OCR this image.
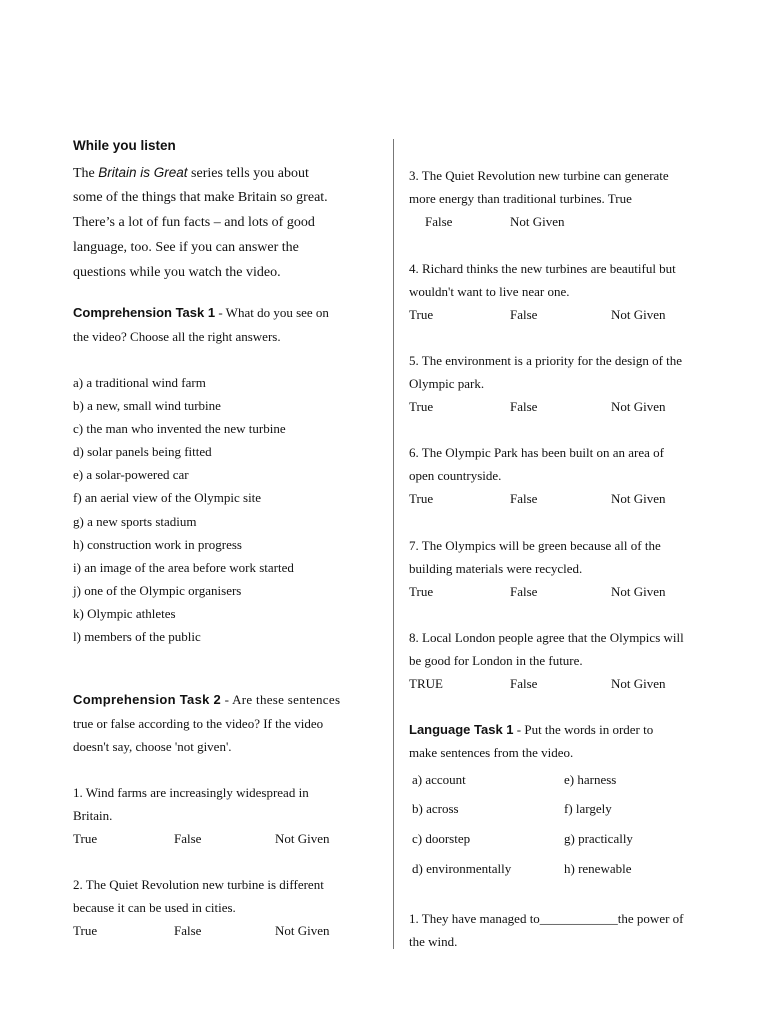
While you listen
The Britain is Great series tells you about
some of the things that make Britain so great.
There’s a lot of fun facts – and lots of good
language, too. See if you can answer the
questions while you watch the video.
Comprehension Task 1 - What do you see on
the video? Choose all the right answers.
a) a traditional wind farm
b) a new, small wind turbine
c) the man who invented the new turbine
d) solar panels being fitted
e) a solar-powered car
f) an aerial view of the Olympic site
g) a new sports stadium
h) construction work in progress
i) an image of the area before work started
j) one of the Olympic organisers
k) Olympic athletes
l) members of the public
Comprehension Task 2 - Are these sentences
true or false according to the video? If the video
doesn't say, choose 'not given'.
1. Wind farms are increasingly widespread in
Britain.
True	False	Not Given
2. The Quiet Revolution new turbine is different
because it can be used in cities.
True	False	Not Given
3. The Quiet Revolution new turbine can generate
more energy than traditional turbines. True
False	Not Given
4. Richard thinks the new turbines are beautiful but
wouldn't want to live near one.
True	False	Not Given
5. The environment is a priority for the design of the
Olympic park.
True	False	Not Given
6. The Olympic Park has been built on an area of
open countryside.
True	False	Not Given
7. The Olympics will be green because all of the
building materials were recycled.
True	False	Not Given
8. Local London people agree that the Olympics will
be good for London in the future.
TRUE	False	Not Given
Language Task 1 - Put the words in order to
make sentences from the video.
a) account	e) harness
b) across	f) largely
c) doorstep	g) practically
d) environmentally	h) renewable
1. They have managed to____________the power of
the wind.
